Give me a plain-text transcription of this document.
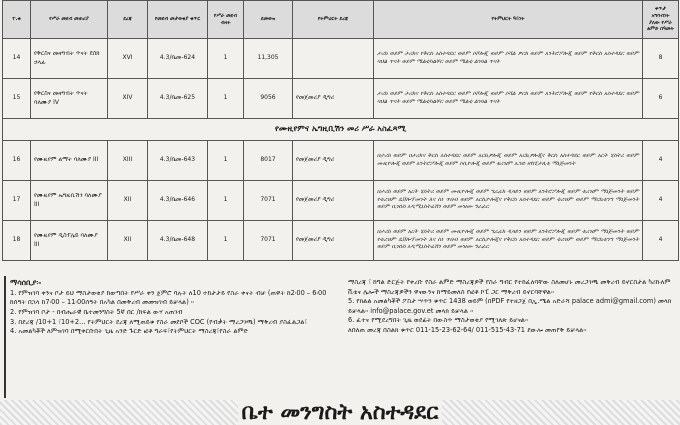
ተ.ቁ	የሥራ መደብ መጠሪያ	ደረጃ	የመደብ መታወቂያ ቁጥር	የሥራ መደብ ብዛት	ደመወዝ	የትምህርት ደረጃ	የትምህርት ዓይነት	ቀጥታ አግባብነት ያለው የሥራ ልምድ በዓመት
14	የቅርስና መዛግብት ጥናት ደስክ ኃላፊ	XVI	4.3/ቤመ-624	1	11,305		ታሪክ ወይም ታሪክና የቅርስ አስተዳደር ወይም ሶሾሎጂ ወይም ሶሻል ዎርክ ወይም አንትሮፖሎጂ ወይም የቅርስ አስተዳደር ወይም ባህል ጥናት ወይም ሜልቲካልቸር ወይም ሜልቲ ልንጓል ጥናት	8
15	የቅርስና መዛግብት ጥናት ባለሙያ IV	XIV	4.3/ቤመ-625	1	9056	የመጀመሪያ ዲግሪ	ታሪክ ወይም ታሪክና የቅርስ አስተዳደር ወይም ሶሾሎጂ ወይም ሶሻል ዎርክ ወይም አንትሮፖሎጂ ወይም የቅርስ አስተዳደር ወይም ባህል ጥናት ወይም ሜልቲካልቸር ወይም ሜልቲ ልንጓል ጥናት	6
የሙዚየምና ኤግዚቢሽን መሪ ሥራ አስፈጻሚ								
16	የሙዚየም ልማት ባለሙያ III	XIII	4.3/ቤመ-643	1	8017	የመጀመሪያ ዲግሪ	በታሪክ ወይም በታሪክና ቅርስ አስተዳደር ወይም አርኪዎሎጂ ወይም አርኪዎሎጂና ቅርስ አስተዳደር ወይም አርት ሂስትሪ ወይም ሙዚዮሎጂ ወይም አንትሮፖሎጂ ወይም ሶሲዮሎጂ ወይም ቱሪዝም ኤንድ ሆስፒታሊቲ ማኔጅመንት	4
17	የሙዚየም ኤግዚቢሽን ባለሙያ III	XII	4.3/ቤመ-646	1	7071	የመጀመሪያ ዲግሪ	በታሪክ ወይም አርት ሂስትሪ ወይም ሙዚዮሎጂ ወይም ግራፊክ ዲዛይን ወይም አንትሮፖሎጂ ወይም ቱሪዝም ማኔጅመንት ወይም የቱሪዝም ዴቨሎፕመንት እና ስነ ጥበብ ወይም አርኪዮሎጂና የቅርስ አስተዳደር ወይም ቱሪዝም ወይም ማርኬቲንግ ማኔጅመንት ወይም ቢዝነስ አዲሚኒስትሬሽን ወይም መዝሙ ግራፊር	4
18	የሙዚየም ዲስፕሌይ ባለሙያ III	XII	4.3/ቤመ-648	1	7071	የመጀመሪያ ዲግሪ	በታሪክ ወይም አርት ሂስትሪ ወይም ሙዚዮሎጂ ወይም ግራፊክ ዲዛይን ወይም አንትሮፖሎጂ ወይም ቱሪዝም ማኔጅመንት ወይም የቱሪዝም ዴቨሎፕመንት እና ስነ ጥበብ ወይም አርኪዮሎጂና የቅርስ አስተዳደር ወይም ቱሪዝም ወይም ማርኬቲንግ ማኔጅመንት ወይም ቢዝነስ አዲሚኒስትሬሽን ወይም መዝሙ ግራፊር	4
ማሳሰቢያ፡-

1. የምዝገባ ቀንና ቦታ ይህ ማስታወቂያ ከወጣበት የሥራ ቀን ጀምሮ ባሉት ለ10 ተከታታይ የስራ ቀናት ብቻ (ጠዋት ከ2፡00 – 6፡00 ከሰዓት በኋላ ከ7፡00 – 11፡00ሰዓት በአካል በመቅረብ መመዝገብ ይቻላል) ።

2. የምዝገባ ቦታ - በብሔራዊ ቤተመንግስት 5ኛ በር /ከፍል ውሃ አጠገብ

3. በደረጃ /10+1 ፣10+2... የትምህርት ደረጃ ለሚጠይቁ የስራ መደቦች COC (የብቃት ማረጋገጫ) ማቅረብ ያስፈልጋል፣

4. አመልካቾች ለምዝገባ በሚቀርቡበት ጊዜ አንድ ጉርድ ፎቶ ግራፍ፣የትምህርት ማስረጃ፣የስራ ልምድ

ማስረጃ ፣ ከግል ድርጅት የቀረቡ የስራ ልምድ ማስረጃዎች የስራ ግብር የተከፈለባቸው ስለመሆኑ መረጋገጫ መቅረብ ይኖርበታል ካሪኩለም ቪቴና ሌሎች ማስረጃዎችን ዋናውንና ከማይመለስ የፎቶ ኮፒ ጋር ማቅረብ ይኖርባቸዋል።

5. የክልል አመልካቾች ፖስታ ሣጥን ቁጥር 1438 ወይም (በPDF የተዘጋጀ በኢ.ሜል አድራሻ palace admi@gmail.com) መላክ ይቻላል። info@palace.gov.et መላክ ይቻላል ።

6. ፈተና የሚደረግበት ጊዜ ወደፊት በውስጥ ማስታወቂያ የሚገለጽ ይሆናል።

ለበለጠ መረጃ በስልክ ቁጥር 011-15-23-62-64/ 011-515-43-71 ደውሎ መጠየቅ ይቻላል።

ቤተ መንግስት አስተዳደር
